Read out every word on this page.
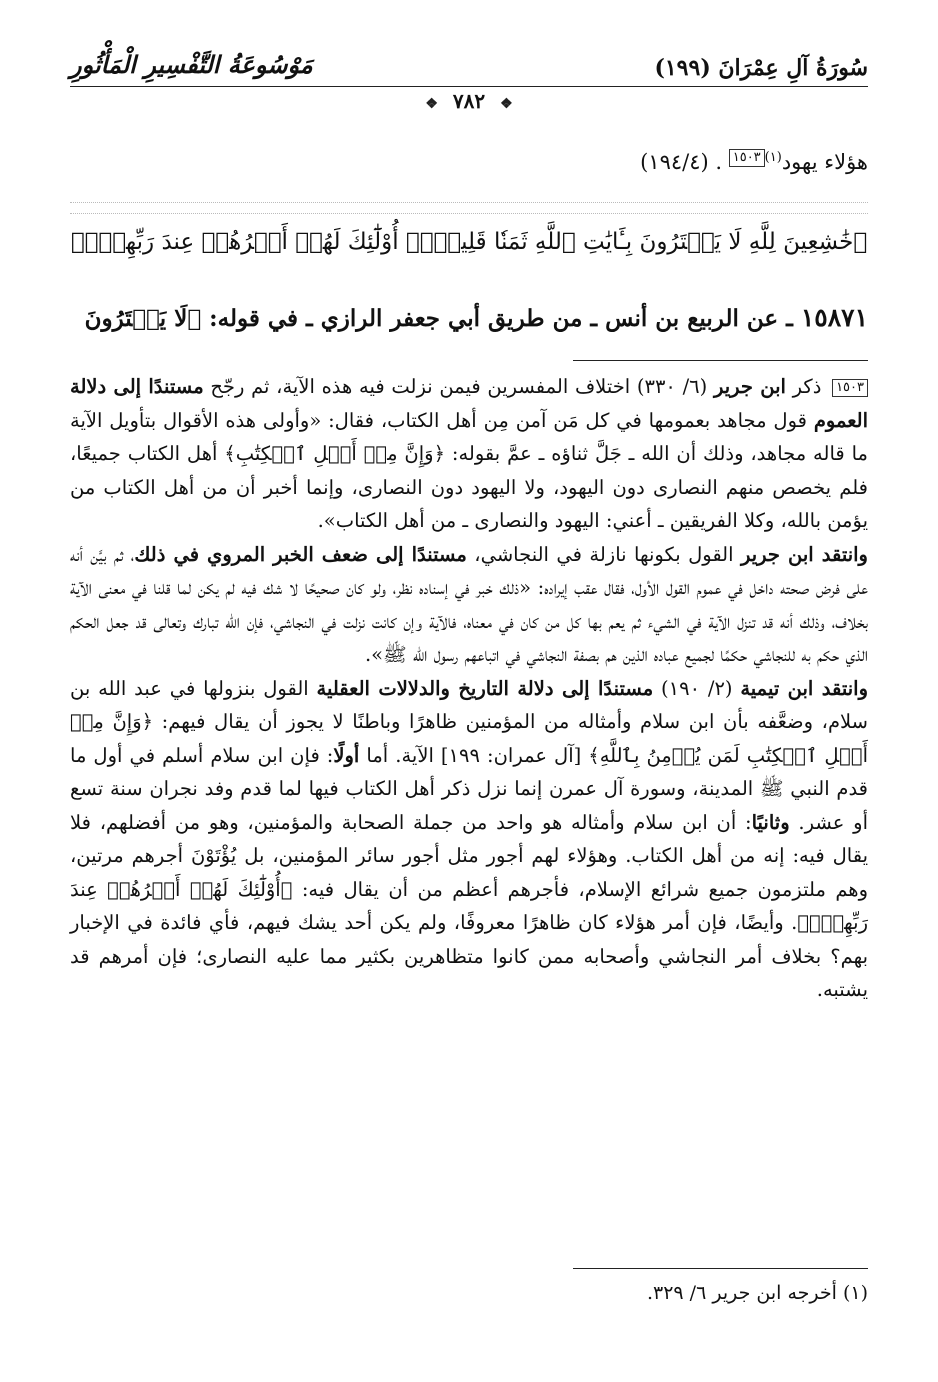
مَوْسُوعَةُ التَّفْسِيرِ الْمَأْثُورِ	سُورَةُ آلِ عِمْرَانَ (١٩٩)
❖ ٧٨٢ ❖
هؤلاء يهود$^{(١)}$١٥٠٣ . (١٩٤/٤)
﴿خَٰشِعِينَ لِلَّهِ لَا يَشۡتَرُونَ بِـَٔايَٰتِ ٱللَّهِ ثَمَنٗا قَلِيلًاۚ أُوْلَٰٓئِكَ لَهُمۡ أَجۡرُهُمۡ عِندَ رَبِّهِمۡۗ﴾
١٥٨٧١ ـ عن الربيع بن أنس ـ من طريق أبي جعفر الرازي ـ في قوله: ﴿لَا يَشۡتَرُونَ

١٥٠٣ ذكر ابن جرير (٦/ ٣٣٠) اختلاف المفسرين فيمن نزلت فيه هذه الآية، ثم رجّح مستندًا إلى دلالة العموم قول مجاهد بعمومها في كل مَن آمن مِن أهل الكتاب، فقال: «وأولى هذه الأقوال بتأويل الآية ما قاله مجاهد، وذلك أن الله ـ جَلَّ ثناؤه ـ عمَّ بقوله: ﴿وَإِنَّ مِنۡ أَهۡلِ ٱلۡكِتَٰبِ﴾ أهل الكتاب جميعًا، فلم يخصص منهم النصارى دون اليهود، ولا اليهود دون النصارى، وإنما أخبر أن من أهل الكتاب من يؤمن بالله، وكلا الفريقين ـ أعني: اليهود والنصارى ـ من أهل الكتاب».

وانتقد ابن جرير القول بكونها نازلة في النجاشي، مستندًا إلى ضعف الخبر المروي في ذلك، ثم بيَّن أنه على فرض صحته داخل في عموم القول الأول، فقال عقب إيراده: «ذلك خبر في إسناده نظر، ولو كان صحيحًا لا شك فيه لم يكن لما قلنا في معنى الآية بخلاف، وذلك أنه قد تنزل الآية في الشيء ثم يعم بها كل من كان في معناه، فالآية وإن كانت نزلت في النجاشي، فإن الله تبارك وتعالى قد جعل الحكم الذي حكم به للنجاشي حكمًا لجميع عباده الذين هم بصفة النجاشي في اتباعهم رسول الله ﷺ».

وانتقد ابن تيمية (٢/ ١٩٠) مستندًا إلى دلالة التاريخ والدلالات العقلية القول بنزولها في عبد الله بن سلام، وضعَّفه بأن ابن سلام وأمثاله من المؤمنين ظاهرًا وباطنًا لا يجوز أن يقال فيهم: ﴿وَإِنَّ مِنۡ أَهۡلِ ٱلۡكِتَٰبِ لَمَن يُؤۡمِنُ بِٱللَّهِ﴾ [آل عمران: ١٩٩] الآية. أما أولًا: فإن ابن سلام أسلم في أول ما قدم النبي ﷺ المدينة، وسورة آل عمرن إنما نزل ذكر أهل الكتاب فيها لما قدم وفد نجران سنة تسع أو عشر. وثانيًا: أن ابن سلام وأمثاله هو واحد من جملة الصحابة والمؤمنين، وهو من أفضلهم، فلا يقال فيه: إنه من أهل الكتاب. وهؤلاء لهم أجور مثل أجور سائر المؤمنين، بل يُؤْتَوْنَ أجرهم مرتين، وهم ملتزمون جميع شرائع الإسلام، فأجرهم أعظم من أن يقال فيه: ﴿أُوْلَٰٓئِكَ لَهُمۡ أَجۡرُهُمۡ عِندَ رَبِّهِمۡۗ﴾. وأيضًا، فإن أمر هؤلاء كان ظاهرًا معروفًا، ولم يكن أحد يشك فيهم، فأي فائدة في الإخبار بهم؟ بخلاف أمر النجاشي وأصحابه ممن كانوا متظاهرين بكثير مما عليه النصارى؛ فإن أمرهم قد يشتبه.

(١) أخرجه ابن جرير ٦/ ٣٢٩.
